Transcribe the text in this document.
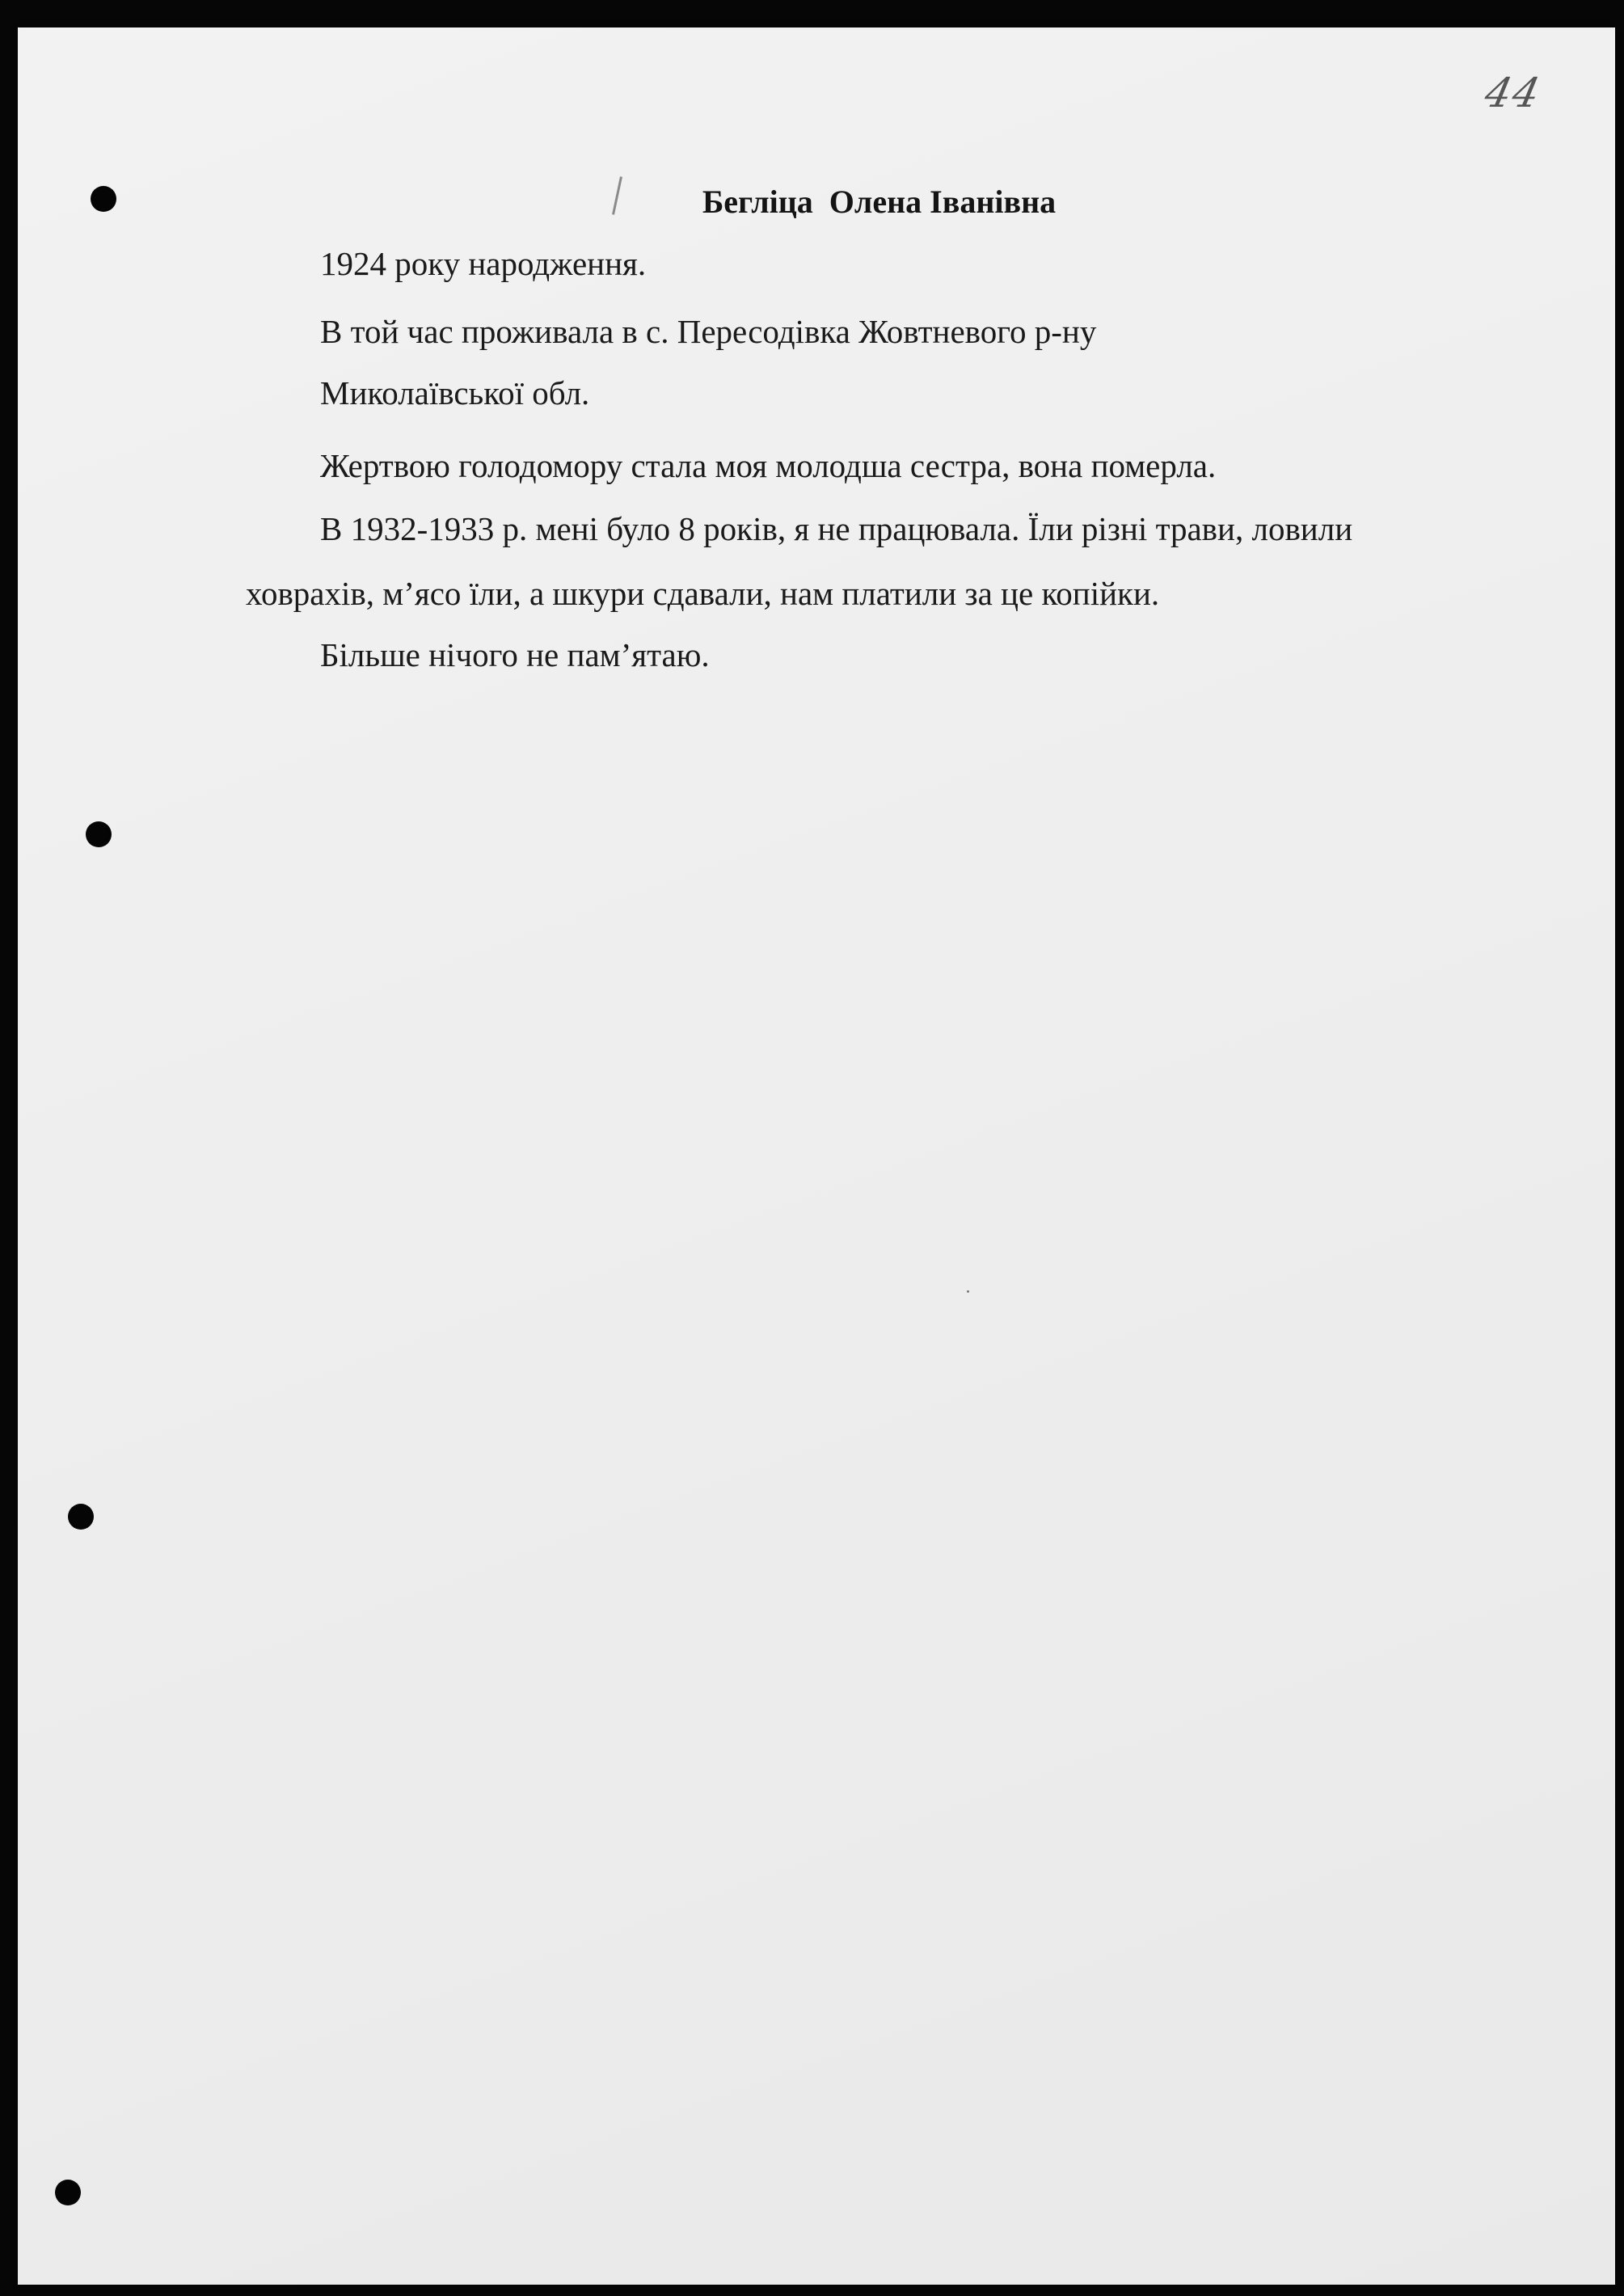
44
Бегліца  Олена Іванівна
1924 року народження.
В той час проживала в с. Пересодівка Жовтневого р-ну
Миколаївської обл.
Жертвою голодомору стала моя молодша сестра, вона померла.
В 1932-1933 р. мені було 8 років, я не працювала. Їли різні трави, ловили
ховрахів, м’ясо їли, а шкури сдавали, нам платили за це копійки.
Більше нічого не пам’ятаю.
